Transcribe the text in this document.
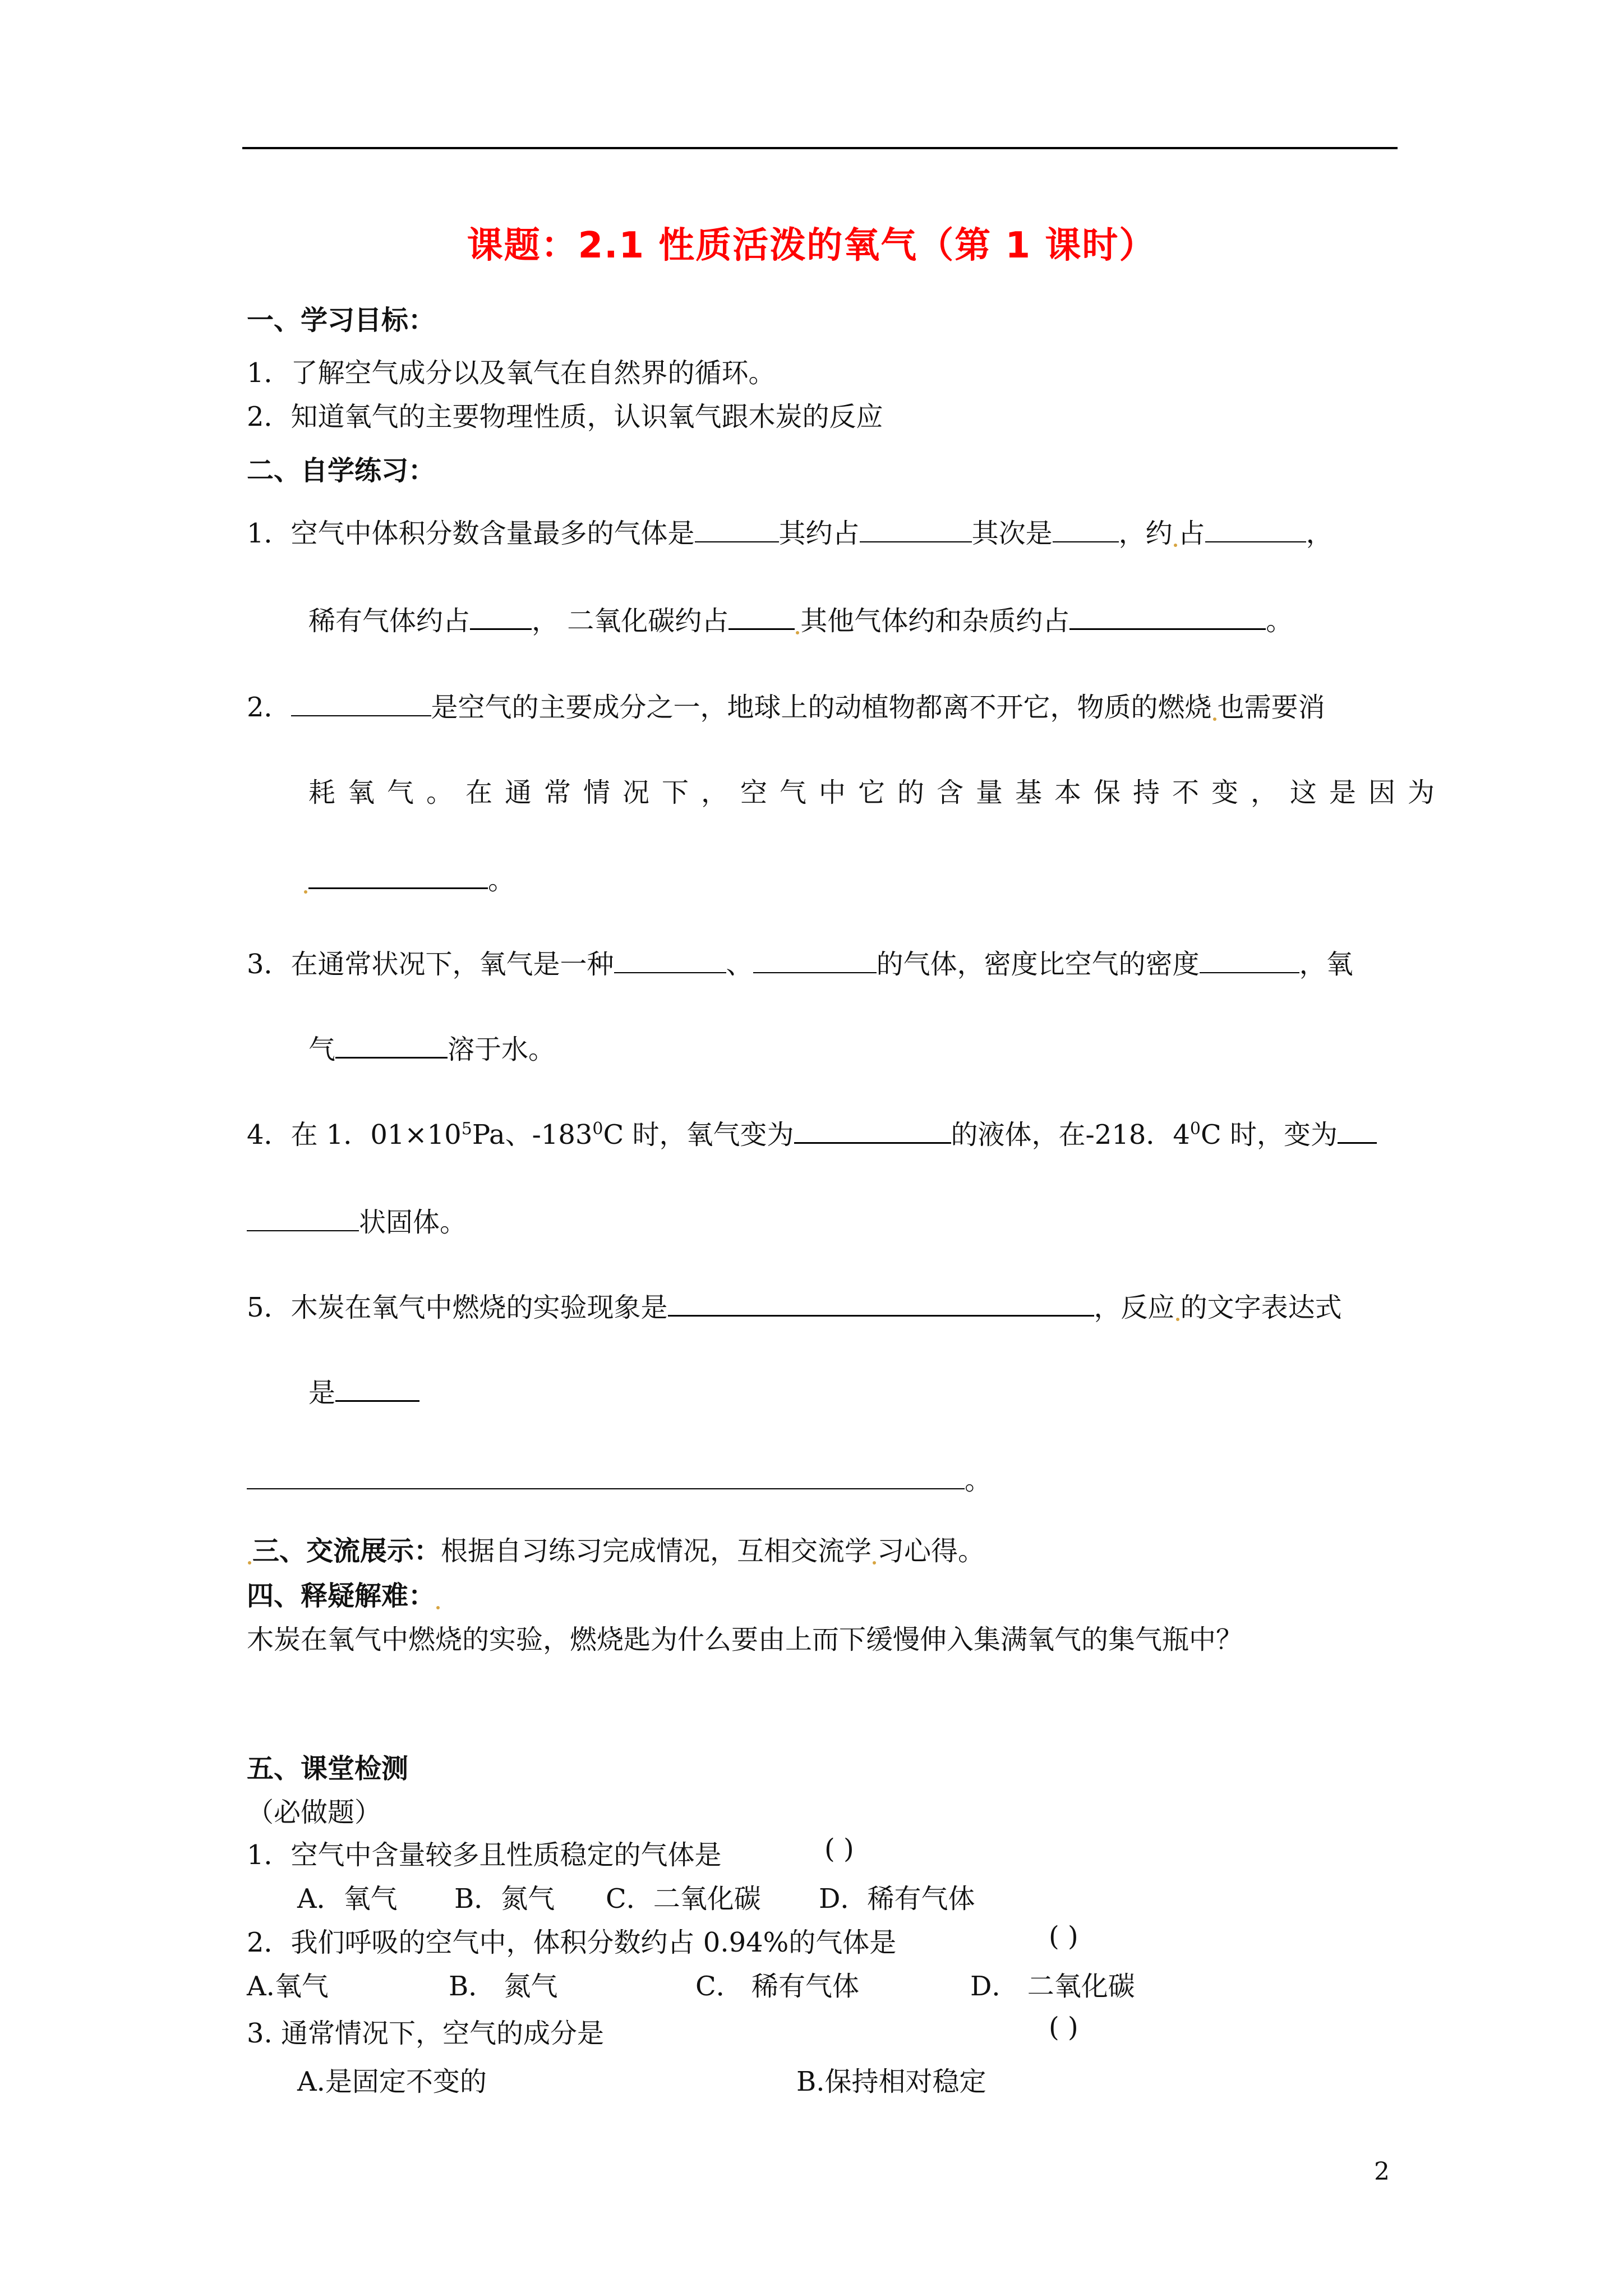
课题：2.1 性质活泼的氧气（第 1 课时）
一、学习目标：
1．了解空气成分以及氧气在自然界的循环。
2．知道氧气的主要物理性质，认识氧气跟木炭的反应
二、自学练习：
1．空气中体积分数含量最多的气体是	其约占	其次是 ，约 占	，
稀有气体约占 ， 二氧化碳约占	其他气体约和杂质约占	。
2．	是空气的主要成分之一，地球上的动植物都离不开它，物质的燃烧 也需要消
耗氧气。在通常情况下，空气中它的含量基本保持不变，这是因为
。
3．在通常状况下，氧气是一种	、	的气体，密度比空气的密度	，氧
气	溶于水。
4．在 1．$01\times 10^5Pa$、$-183^0C$ 时，氧气变为	的液体，在-218．$4^0C$ 时，变为
状固体。
5．木炭在氧气中燃烧的实验现象是	，反应 的文字表达式
是
。
三、交流展示：根据自习练习完成情况，互相交流学 习心得。
四、释疑解难：
木炭在氧气中燃烧的实验，燃烧匙为什么要由上而下缓慢伸入集满氧气的集气瓶中？
五、课堂检测
（必做题）
1．空气中含量较多且性质稳定的气体是	( )
A．氧气 B．氮气 C．二氧化碳 D．稀有气体
2．我们呼吸的空气中，体积分数约占 0.94%的气体是	( )
A.氧气	B． 氮气	C． 稀有气体	D． 二氧化碳
3. 通常情况下，空气的成分是	( )
A.是固定不变的	B.保持相对稳定
2
